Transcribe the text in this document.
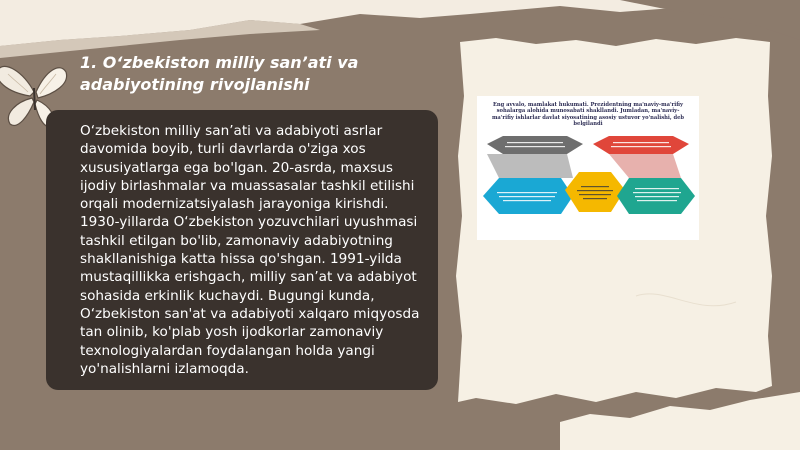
1. O‘zbekiston milliy san’ati va adabiyotining rivojlanishi

O‘zbekiston milliy san’ati va adabiyoti asrlar davomida boyib, turli davrlarda o'ziga xos xususiyatlarga ega bo'lgan. 20-asrda, maxsus ijodiy birlashmalar va muassasalar tashkil etilishi orqali modernizatsiyalash jarayoniga kirishdi. 1930-yillarda O‘zbekiston yozuvchilari uyushmasi tashkil etilgan bo'lib, zamonaviy adabiyotning shakllanishiga katta hissa qo'shgan. 1991-yilda mustaqillikka erishgach, milliy san’at va adabiyot sohasida erkinlik kuchaydi. Bugungi kunda, O‘zbekiston san'at va adabiyoti xalqaro miqyosda tan olinib, ko'plab yosh ijodkorlar zamonaviy texnologiyalardan foydalangan holda yangi yo'nalishlarni izlamoqda.

Eng avvalo, mamlakat hukumati. Prezidentning ma'naviy-ma'rifiy sohalarga alohida munosabati shakllandi. Jumladan, ma'naviy-ma'rifiy ishlarlar davlat siyosatining asosiy ustuvor yo'nalishi, deb belgilandi
